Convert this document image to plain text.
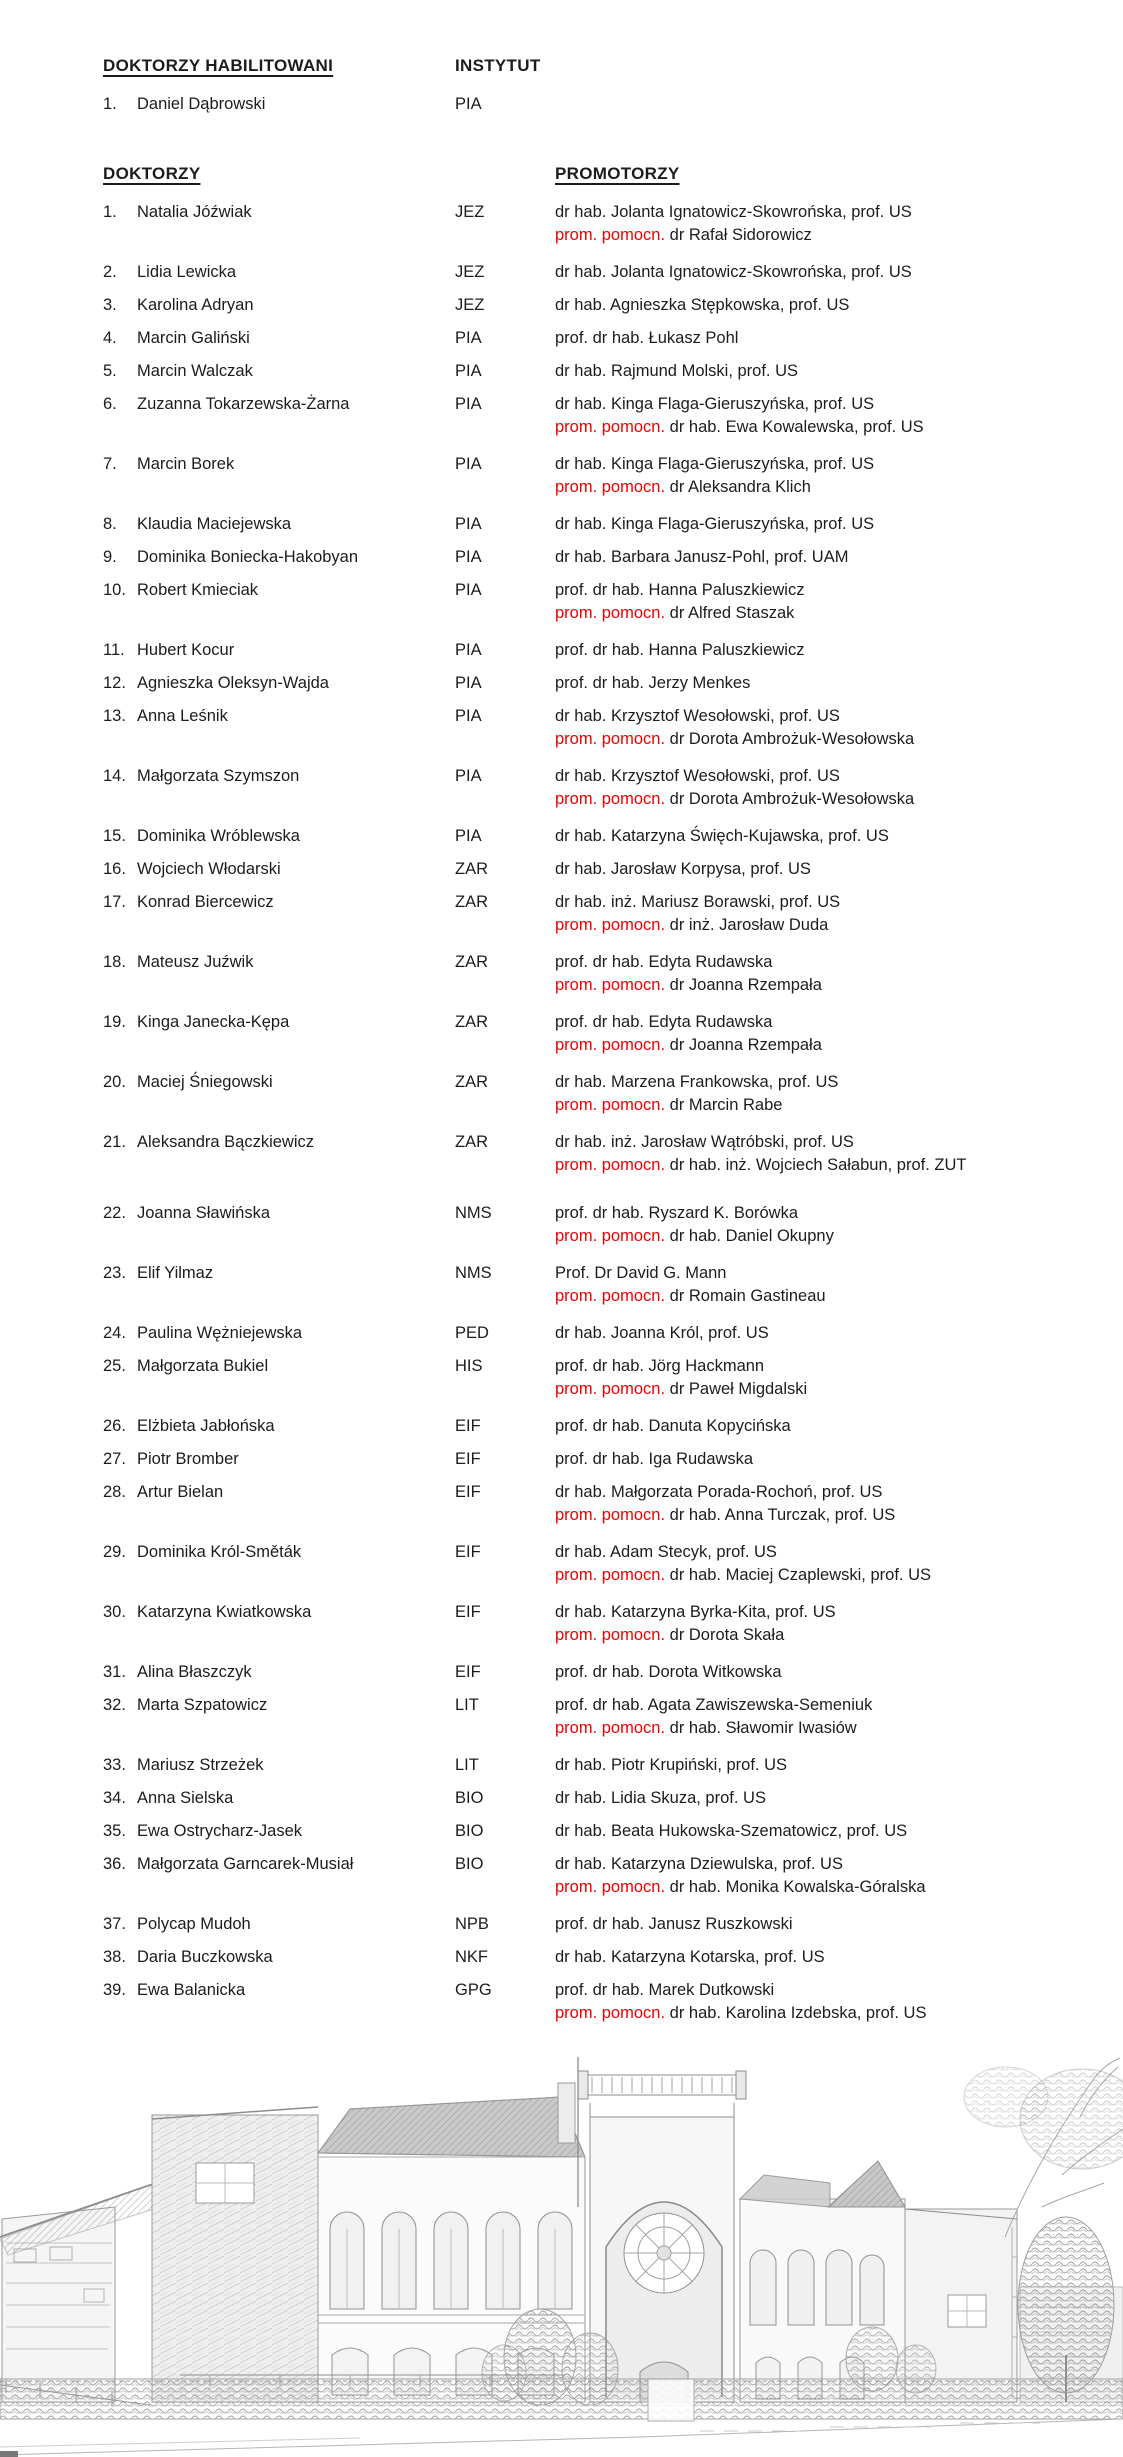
DOKTORZY HABILITOWANI	INSTYTUT
1.	Daniel Dąbrowski	PIA
DOKTORZY	PROMOTORZY
1.	Natalia Jóźwiak	JEZ	dr hab. Jolanta Ignatowicz-Skowrońska, prof. US
prom. pomocn. dr Rafał Sidorowicz
2.	Lidia Lewicka	JEZ	dr hab. Jolanta Ignatowicz-Skowrońska, prof. US
3.	Karolina Adryan	JEZ	dr hab. Agnieszka Stępkowska, prof. US
4.	Marcin Galiński	PIA	prof. dr hab. Łukasz Pohl
5.	Marcin Walczak	PIA	dr hab. Rajmund Molski, prof. US
6.	Zuzanna Tokarzewska-Żarna	PIA	dr hab. Kinga Flaga-Gieruszyńska, prof. US
prom. pomocn. dr hab. Ewa Kowalewska, prof. US
7.	Marcin Borek	PIA	dr hab. Kinga Flaga-Gieruszyńska, prof. US
prom. pomocn. dr Aleksandra Klich
8.	Klaudia Maciejewska	PIA	dr hab. Kinga Flaga-Gieruszyńska, prof. US
9.	Dominika Boniecka-Hakobyan	PIA	dr hab. Barbara Janusz-Pohl, prof. UAM
10. Robert Kmieciak	PIA	prof. dr hab. Hanna Paluszkiewicz
prom. pomocn. dr Alfred Staszak
11. Hubert Kocur	PIA	prof. dr hab. Hanna Paluszkiewicz
12. Agnieszka Oleksyn-Wajda	PIA	prof. dr hab. Jerzy Menkes
13. Anna Leśnik	PIA	dr hab. Krzysztof Wesołowski, prof. US
prom. pomocn. dr Dorota Ambrożuk-Wesołowska
14. Małgorzata Szymszon	PIA	dr hab. Krzysztof Wesołowski, prof. US
prom. pomocn. dr Dorota Ambrożuk-Wesołowska
15. Dominika Wróblewska	PIA	dr hab. Katarzyna Święch-Kujawska, prof. US
16. Wojciech Włodarski	ZAR	dr hab. Jarosław Korpysa, prof. US
17. Konrad Biercewicz	ZAR	dr hab. inż. Mariusz Borawski, prof. US
prom. pomocn. dr inż. Jarosław Duda
18. Mateusz Juźwik	ZAR	prof. dr hab. Edyta Rudawska
prom. pomocn. dr Joanna Rzempała
19. Kinga Janecka-Kępa	ZAR	prof. dr hab. Edyta Rudawska
prom. pomocn. dr Joanna Rzempała
20. Maciej Śniegowski	ZAR	dr hab. Marzena Frankowska, prof. US
prom. pomocn. dr Marcin Rabe
21. Aleksandra Bączkiewicz	ZAR	dr hab. inż. Jarosław Wątróbski, prof. US
prom. pomocn. dr hab. inż. Wojciech Sałabun, prof. ZUT
22. Joanna Sławińska	NMS	prof. dr hab. Ryszard K. Borówka
prom. pomocn. dr hab. Daniel Okupny
23. Elif Yilmaz	NMS	Prof. Dr David G. Mann
prom. pomocn. dr Romain Gastineau
24. Paulina Wężniejewska	PED	dr hab. Joanna Król, prof. US
25. Małgorzata Bukiel	HIS	prof. dr hab. Jörg Hackmann
prom. pomocn. dr Paweł Migdalski
26. Elżbieta Jabłońska	EIF	prof. dr hab. Danuta Kopycińska
27. Piotr Bromber	EIF	prof. dr hab. Iga Rudawska
28. Artur Bielan	EIF	dr hab. Małgorzata Porada-Rochoń, prof. US
prom. pomocn. dr hab. Anna Turczak, prof. US
29. Dominika Król-Směták	EIF	dr hab. Adam Stecyk, prof. US
prom. pomocn. dr hab. Maciej Czaplewski, prof. US
30. Katarzyna Kwiatkowska	EIF	dr hab. Katarzyna Byrka-Kita, prof. US
prom. pomocn. dr Dorota Skała
31. Alina Błaszczyk	EIF	prof. dr hab. Dorota Witkowska
32. Marta Szpatowicz	LIT	prof. dr hab. Agata Zawiszewska-Semeniuk
prom. pomocn. dr hab. Sławomir Iwasiów
33. Mariusz Strzeżek	LIT	dr hab. Piotr Krupiński, prof. US
34. Anna Sielska	BIO	dr hab. Lidia Skuza, prof. US
35. Ewa Ostrycharz-Jasek	BIO	dr hab. Beata Hukowska-Szematowicz, prof. US
36. Małgorzata Garncarek-Musiał	BIO	dr hab. Katarzyna Dziewulska, prof. US
prom. pomocn. dr hab. Monika Kowalska-Góralska
37. Polycap Mudoh	NPB	prof. dr hab. Janusz Ruszkowski
38. Daria Buczkowska	NKF	dr hab. Katarzyna Kotarska, prof. US
39. Ewa Balanicka	GPG	prof. dr hab. Marek Dutkowski
prom. pomocn. dr hab. Karolina Izdebska, prof. US
